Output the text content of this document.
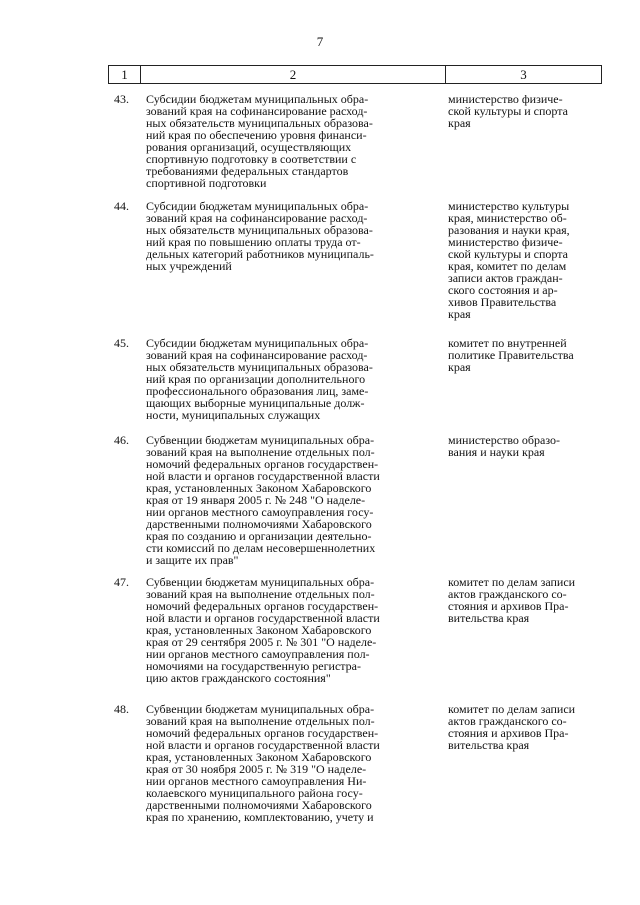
7
1	2	3
43. Субсидии бюджетам муниципальных обра-
зований края на софинансирование расход-
ных обязательств муниципальных образова-
ний края по обеспечению уровня финанси-
рования организаций, осуществляющих
спортивную подготовку в соответствии с
требованиями федеральных стандартов
спортивной подготовки
министерство физиче-
ской культуры и спорта
края
44. Субсидии бюджетам муниципальных обра-
зований края на софинансирование расход-
ных обязательств муниципальных образова-
ний края по повышению оплаты труда от-
дельных категорий работников муниципаль-
ных учреждений
министерство культуры
края, министерство об-
разования и науки края,
министерство физиче-
ской культуры и спорта
края, комитет по делам
записи актов граждан-
ского состояния и ар-
хивов Правительства
края
45. Субсидии бюджетам муниципальных обра-
зований края на софинансирование расход-
ных обязательств муниципальных образова-
ний края по организации дополнительного
профессионального образования лиц, заме-
щающих выборные муниципальные долж-
ности, муниципальных служащих
комитет по внутренней
политике Правительства
края
46. Субвенции бюджетам муниципальных обра-
зований края на выполнение отдельных пол-
номочий федеральных органов государствен-
ной власти и органов государственной власти
края, установленных Законом Хабаровского
края от 19 января 2005 г. № 248 "О наделе-
нии органов местного самоуправления госу-
дарственными полномочиями Хабаровского
края по созданию и организации деятельно-
сти комиссий по делам несовершеннолетних
и защите их прав"
министерство образо-
вания и науки края
47. Субвенции бюджетам муниципальных обра-
зований края на выполнение отдельных пол-
номочий федеральных органов государствен-
ной власти и органов государственной власти
края, установленных Законом Хабаровского
края от 29 сентября 2005 г. № 301 "О наделе-
нии органов местного самоуправления пол-
номочиями на государственную регистра-
цию актов гражданского состояния"
комитет по делам записи
актов гражданского со-
стояния и архивов Пра-
вительства края
48. Субвенции бюджетам муниципальных обра-
зований края на выполнение отдельных пол-
номочий федеральных органов государствен-
ной власти и органов государственной власти
края, установленных Законом Хабаровского
края от 30 ноября 2005 г. № 319 "О наделе-
нии органов местного самоуправления Ни-
колаевского муниципального района госу-
дарственными полномочиями Хабаровского
края по хранению, комплектованию, учету и
комитет по делам записи
актов гражданского со-
стояния и архивов Пра-
вительства края
